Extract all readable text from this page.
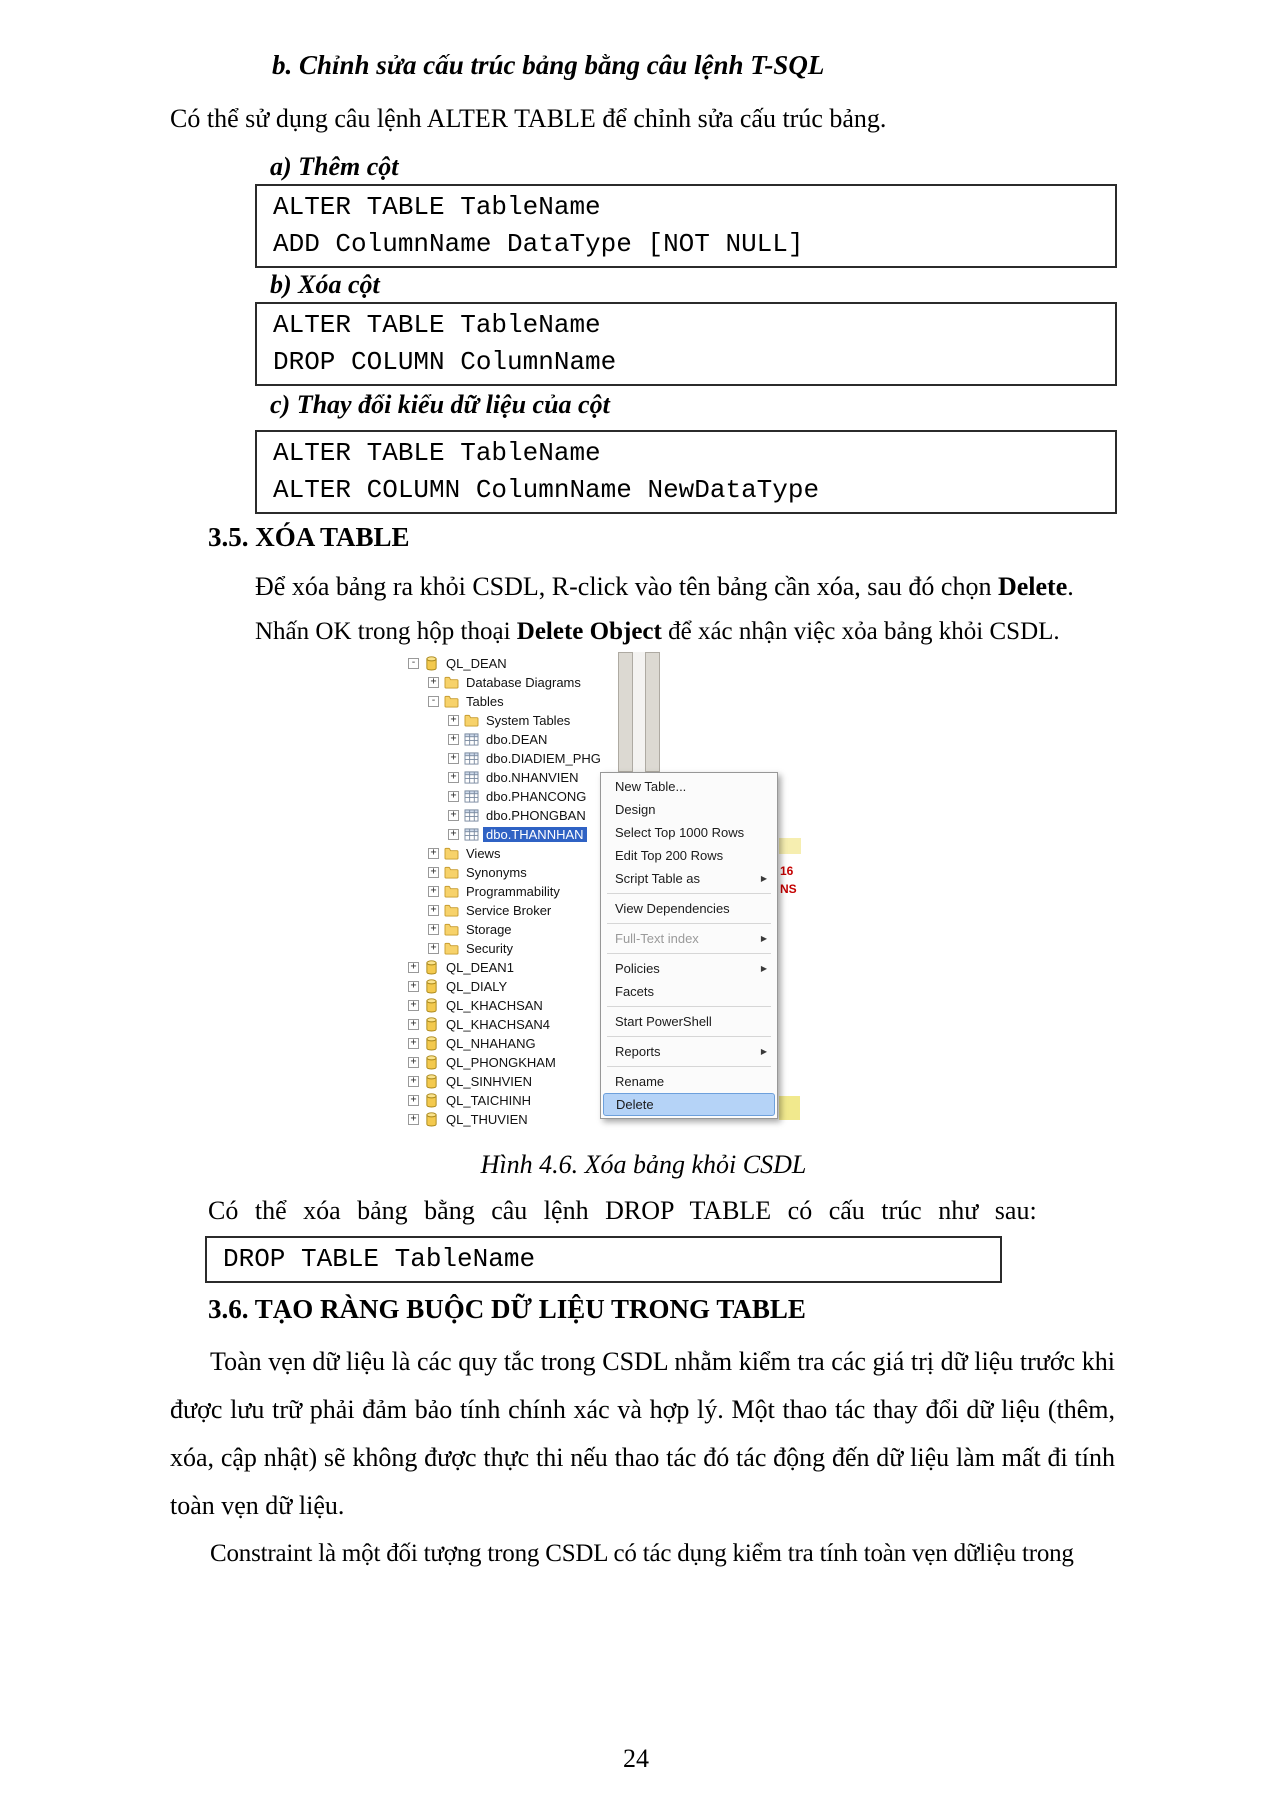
b. Chỉnh sửa cấu trúc bảng bằng câu lệnh T-SQL
Có thể sử dụng câu lệnh ALTER TABLE để chỉnh sửa cấu trúc bảng.
a) Thêm cột
ALTER TABLE TableName
ADD ColumnName DataType [NOT NULL]
b) Xóa cột
ALTER TABLE TableName
DROP COLUMN ColumnName
c) Thay đổi kiểu dữ liệu của cột
ALTER TABLE TableName
ALTER COLUMN ColumnName NewDataType
3.5. XÓA TABLE
Để xóa bảng ra khỏi CSDL, R-click vào tên bảng cần xóa, sau đó chọn Delete.
Nhấn OK trong hộp thoại Delete Object để xác nhận việc xỏa bảng khỏi CSDL.
- QL_DEAN
+ Database Diagrams
- Tables
+ System Tables
+ dbo.DEAN
+ dbo.DIADIEM_PHG
+ dbo.NHANVIEN
+ dbo.PHANCONG
+ dbo.PHONGBAN
+ dbo.THANNHAN
+ Views
+ Synonyms
+ Programmability
+ Service Broker
+ Storage
+ Security
+ QL_DEAN1
+ QL_DIALY
+ QL_KHACHSAN
+ QL_KHACHSAN4
+ QL_NHAHANG
+ QL_PHONGKHAM
+ QL_SINHVIEN
+ QL_TAICHINH
+ QL_THUVIEN
16
NS
New Table...
Design
Select Top 1000 Rows
Edit Top 200 Rows
Script Table as	▶
View Dependencies
Full-Text index	▶
Policies	▶
Facets
Start PowerShell
Reports	▶
Rename
Delete
Hình 4.6. Xóa bảng khỏi CSDL
Có thể xóa bảng bằng câu lệnh DROP TABLE có cấu trúc như sau:
DROP TABLE TableName
3.6. TẠO RÀNG BUỘC DỮ LIỆU TRONG TABLE
Toàn vẹn dữ liệu là các quy tắc trong CSDL nhằm kiểm tra các giá trị dữ liệu trước khi được lưu trữ phải đảm bảo tính chính xác và hợp lý. Một thao tác thay đổi dữ liệu (thêm, xóa, cập nhật) sẽ không được thực thi nếu thao tác đó tác động đến dữ liệu làm mất đi tính toàn vẹn dữ liệu.
Constraint là một đối tượng trong CSDL có tác dụng kiểm tra tính toàn vẹn dữliệu trong
24
